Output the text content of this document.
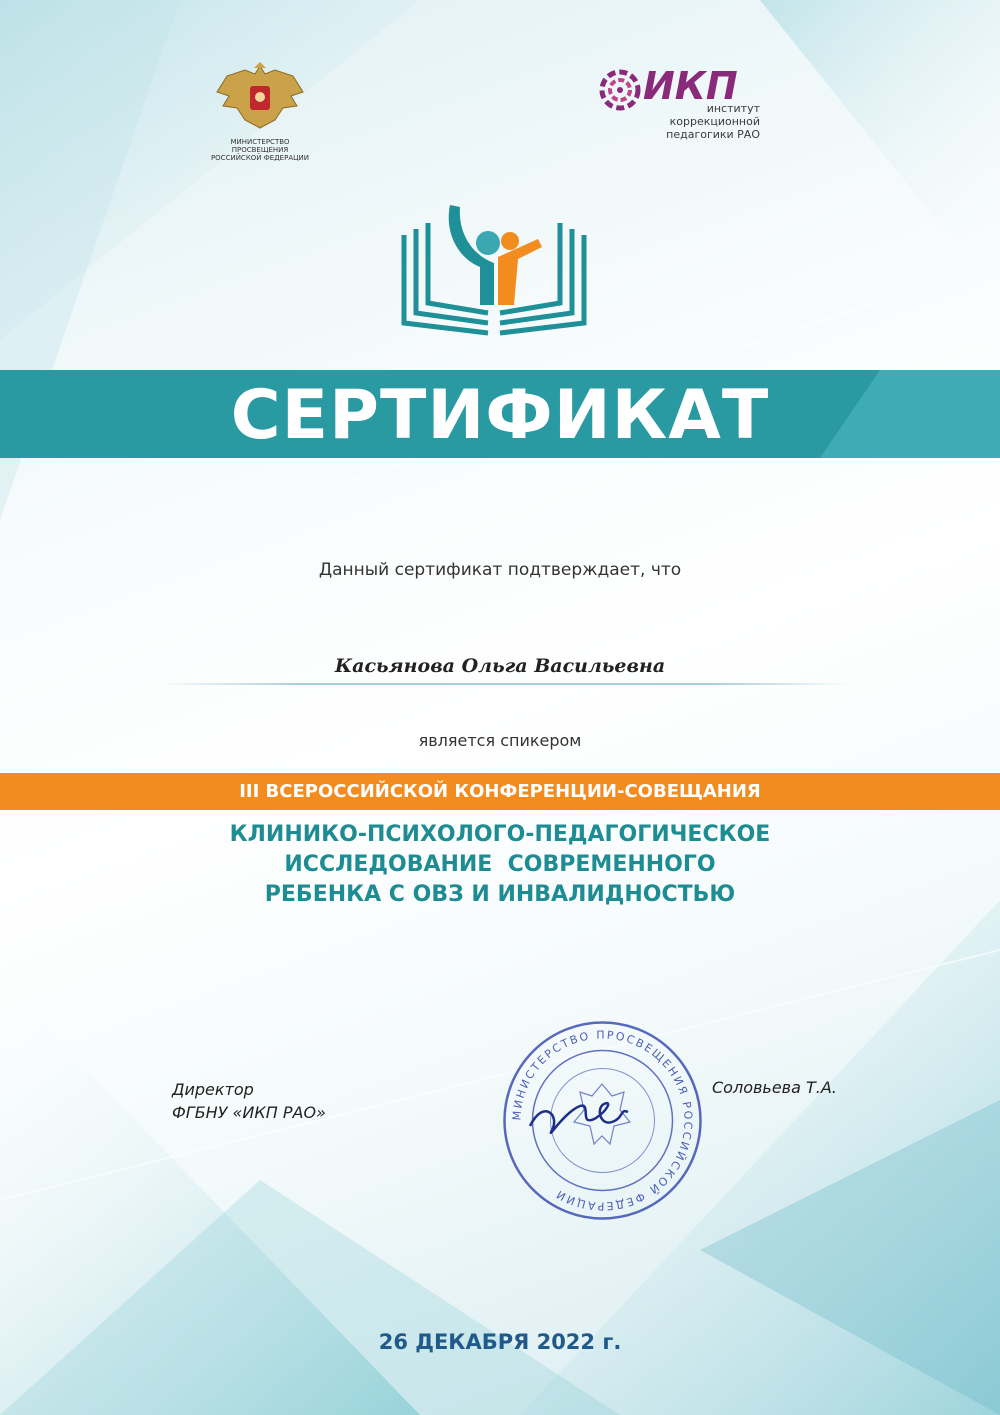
МИНИСТЕРСТВО ПРОСВЕЩЕНИЯ
РОССИЙСКОЙ ФЕДЕРАЦИИ
ИКП
институт
коррекционной
педагогики РАО
СЕРТИФИКАТ
Данный сертификат подтверждает, что
Касьянова Ольга Васильевна
является спикером
III ВСЕРОССИЙСКОЙ КОНФЕРЕНЦИИ-СОВЕЩАНИЯ
КЛИНИКО-ПСИХОЛОГО-ПЕДАГОГИЧЕСКОЕ
ИССЛЕДОВАНИЕ  СОВРЕМЕННОГО
РЕБЕНКА С ОВЗ И ИНВАЛИДНОСТЬЮ
Директор
ФГБНУ «ИКП РАО»	МИНИСТЕРСТВО ПРОСВЕЩЕНИЯ РОССИЙСКОЙ ФЕДЕРАЦИИ
Соловьева Т.А.
26 ДЕКАБРЯ 2022 г.
